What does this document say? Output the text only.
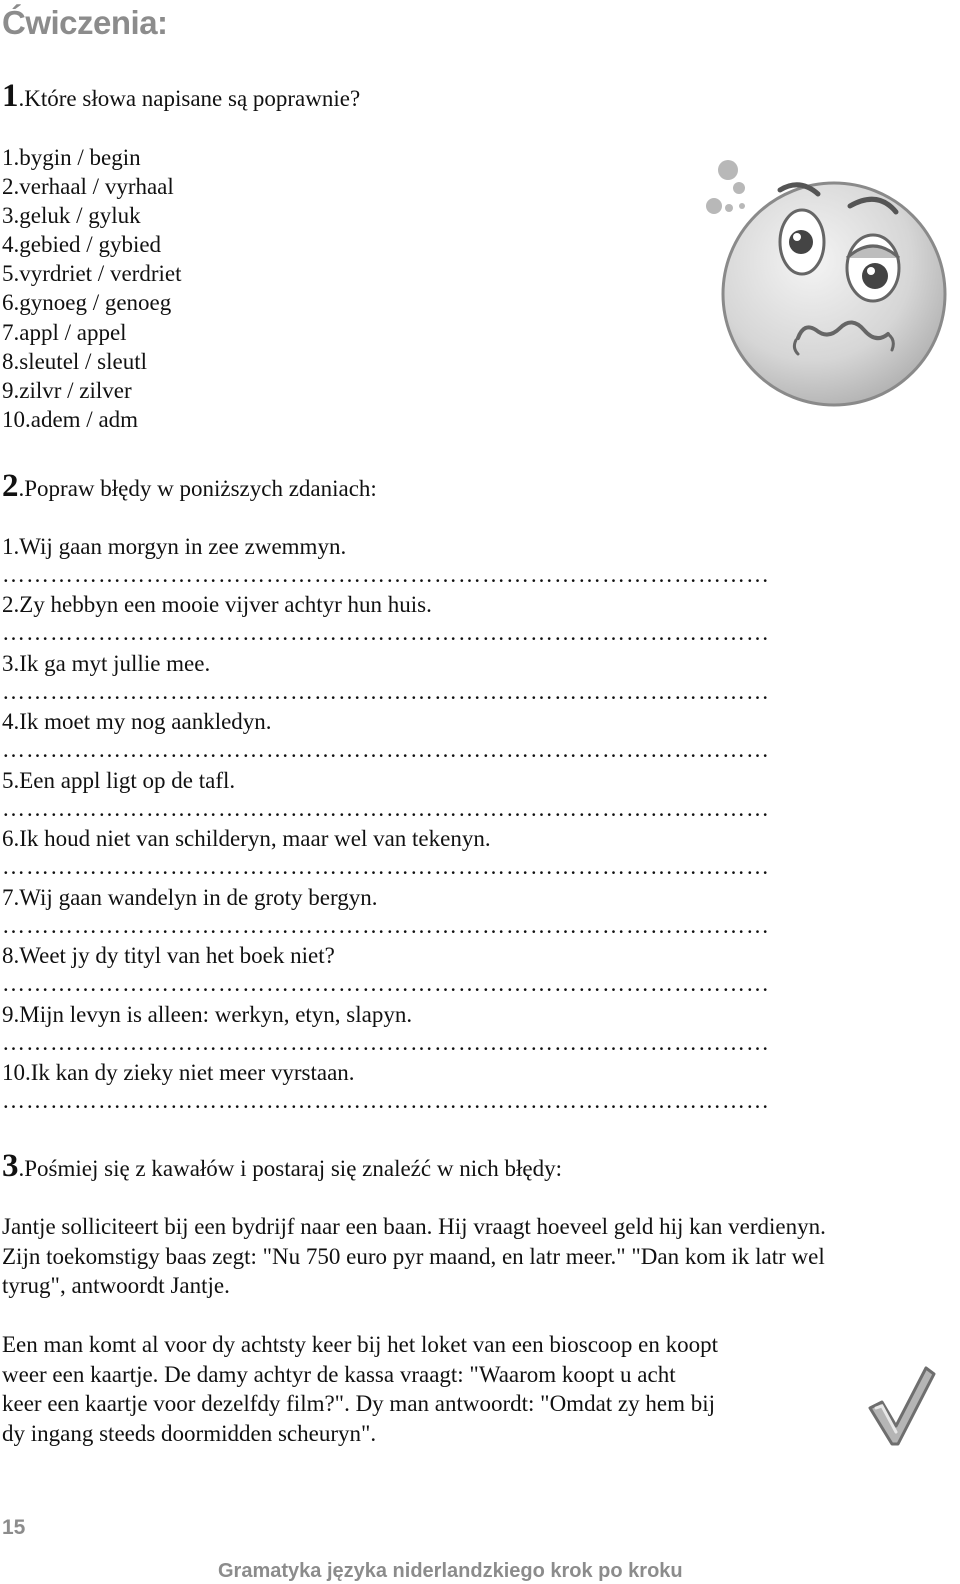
Ćwiczenia:
1.Które słowa napisane są poprawnie?
1.bygin / begin
2.verhaal / vyrhaal
3.geluk / gyluk
4.gebied / gybied
5.vyrdriet / verdriet
6.gynoeg / genoeg
7.appl / appel
8.sleutel / sleutl
9.zilvr / zilver
10.adem / adm
2.Popraw błędy w poniższych zdaniach:
1.Wij gaan morgyn in zee zwemmyn.
……………………………………………………………………………………
2.Zy hebbyn een mooie vijver achtyr hun huis.
……………………………………………………………………………………
3.Ik ga myt jullie mee.
……………………………………………………………………………………
4.Ik moet my nog aankledyn.
……………………………………………………………………………………
5.Een appl ligt op de tafl.
……………………………………………………………………………………
6.Ik houd niet van schilderyn, maar wel van tekenyn.
……………………………………………………………………………………
7.Wij gaan wandelyn in de groty bergyn.
……………………………………………………………………………………
8.Weet jy dy tityl van het boek niet?
……………………………………………………………………………………
9.Mijn levyn is alleen: werkyn, etyn, slapyn.
……………………………………………………………………………………
10.Ik kan dy zieky niet meer vyrstaan.
……………………………………………………………………………………
3.Pośmiej się z kawałów i postaraj się znaleźć w nich błędy:
Jantje solliciteert bij een bydrijf naar een baan. Hij vraagt hoeveel geld hij kan verdienyn.
Zijn toekomstigy baas zegt: "Nu 750 euro pyr maand, en latr meer." "Dan kom ik latr wel
tyrug", antwoordt Jantje.
Een man komt al voor dy achtsty keer bij het loket van een bioscoop en koopt
weer een kaartje. De damy achtyr de kassa vraagt: "Waarom koopt u acht
keer een kaartje voor dezelfdy film?". Dy man antwoordt: "Omdat zy hem bij
dy ingang steeds doormidden scheuryn".
15
Gramatyka języka niderlandzkiego krok po kroku
